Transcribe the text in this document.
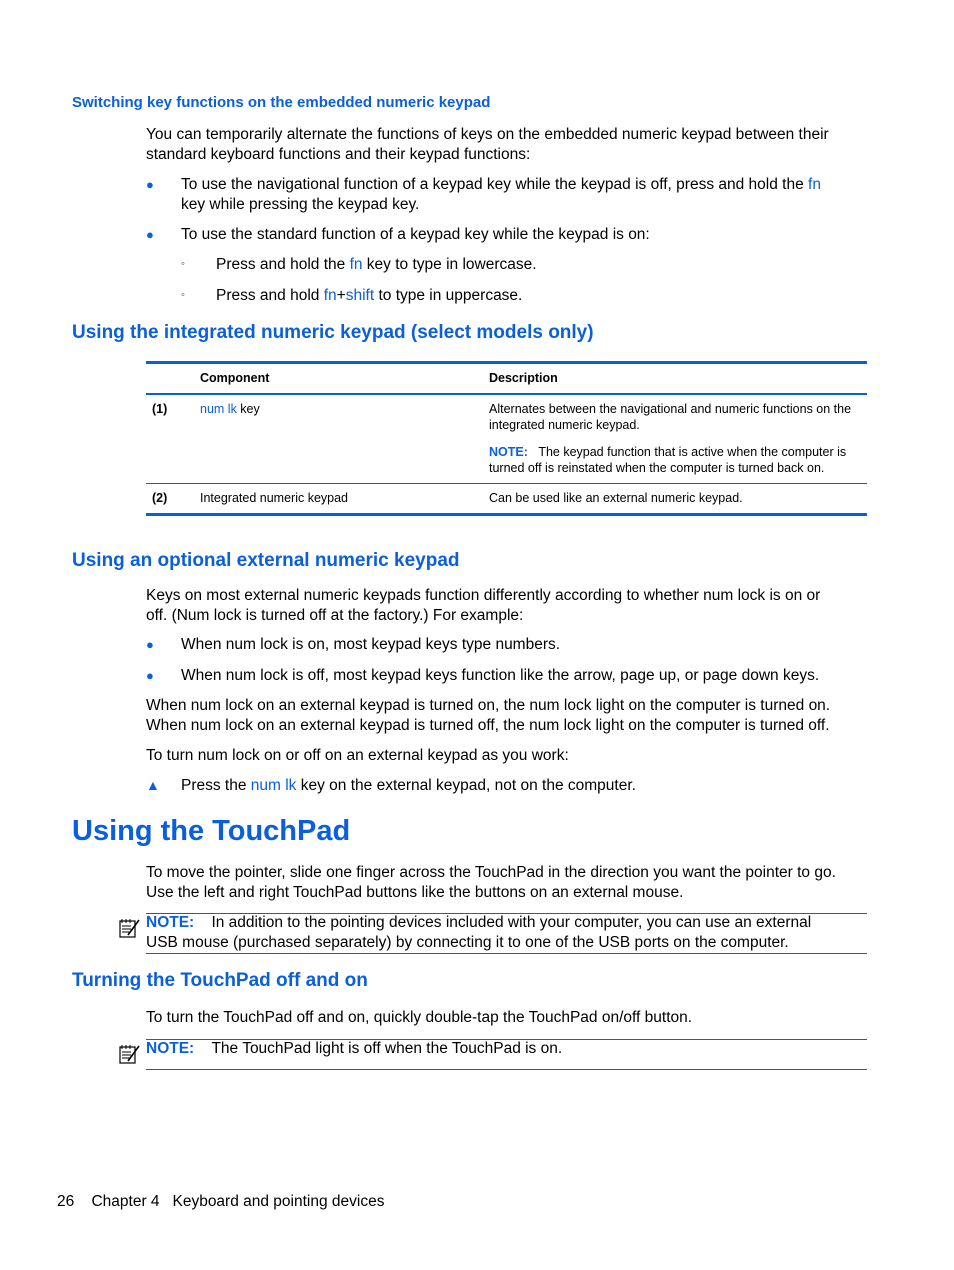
Switching key functions on the embedded numeric keypad
You can temporarily alternate the functions of keys on the embedded numeric keypad between their
standard keyboard functions and their keypad functions:
● To use the navigational function of a keypad key while the keypad is off, press and hold the fn
key while pressing the keypad key.
● To use the standard function of a keypad key while the keypad is on:
◦ Press and hold the fn key to type in lowercase.
◦ Press and hold fn+shift to type in uppercase.
Using the integrated numeric keypad (select models only)
Component	Description
(1)	num lk key	Alternates between the navigational and numeric functions on the
integrated numeric keypad.
NOTE: The keypad function that is active when the computer is
turned off is reinstated when the computer is turned back on.
(2)	Integrated numeric keypad	Can be used like an external numeric keypad.
Using an optional external numeric keypad
Keys on most external numeric keypads function differently according to whether num lock is on or
off. (Num lock is turned off at the factory.) For example:
● When num lock is on, most keypad keys type numbers.
● When num lock is off, most keypad keys function like the arrow, page up, or page down keys.
When num lock on an external keypad is turned on, the num lock light on the computer is turned on.
When num lock on an external keypad is turned off, the num lock light on the computer is turned off.
To turn num lock on or off on an external keypad as you work:
▲ Press the num lk key on the external keypad, not on the computer.
Using the TouchPad
To move the pointer, slide one finger across the TouchPad in the direction you want the pointer to go.
Use the left and right TouchPad buttons like the buttons on an external mouse.
NOTE: In addition to the pointing devices included with your computer, you can use an external
USB mouse (purchased separately) by connecting it to one of the USB ports on the computer.
Turning the TouchPad off and on
To turn the TouchPad off and on, quickly double-tap the TouchPad on/off button.
NOTE: The TouchPad light is off when the TouchPad is on.
26 Chapter 4 Keyboard and pointing devices
